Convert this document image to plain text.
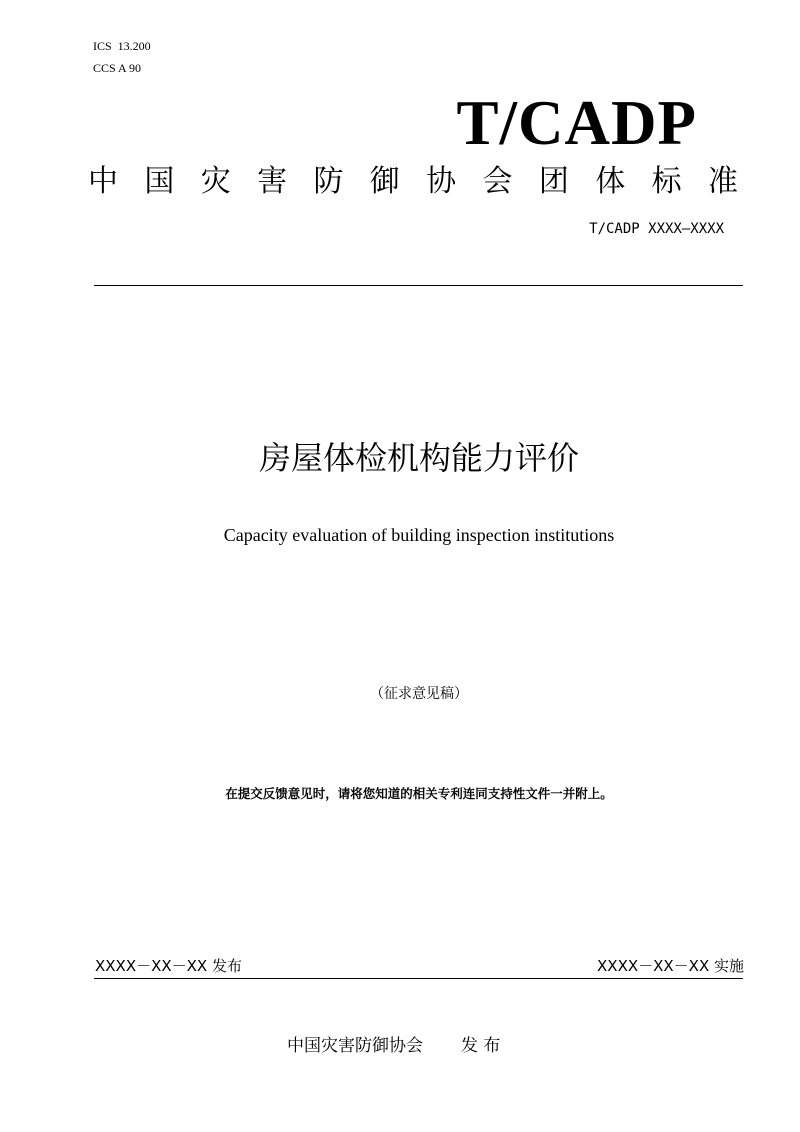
ICS  13.200
CCS A 90
T/CADP
中 国 灾 害 防 御 协 会 团 体 标 准
T/CADP XXXX—XXXX
房屋体检机构能力评价
Capacity evaluation of building inspection institutions
（征求意见稿）
在提交反馈意见时，请将您知道的相关专利连同支持性文件一并附上。
XXXX－XX－XX 发布	XXXX－XX－XX 实施
中国灾害防御协会 发 布
